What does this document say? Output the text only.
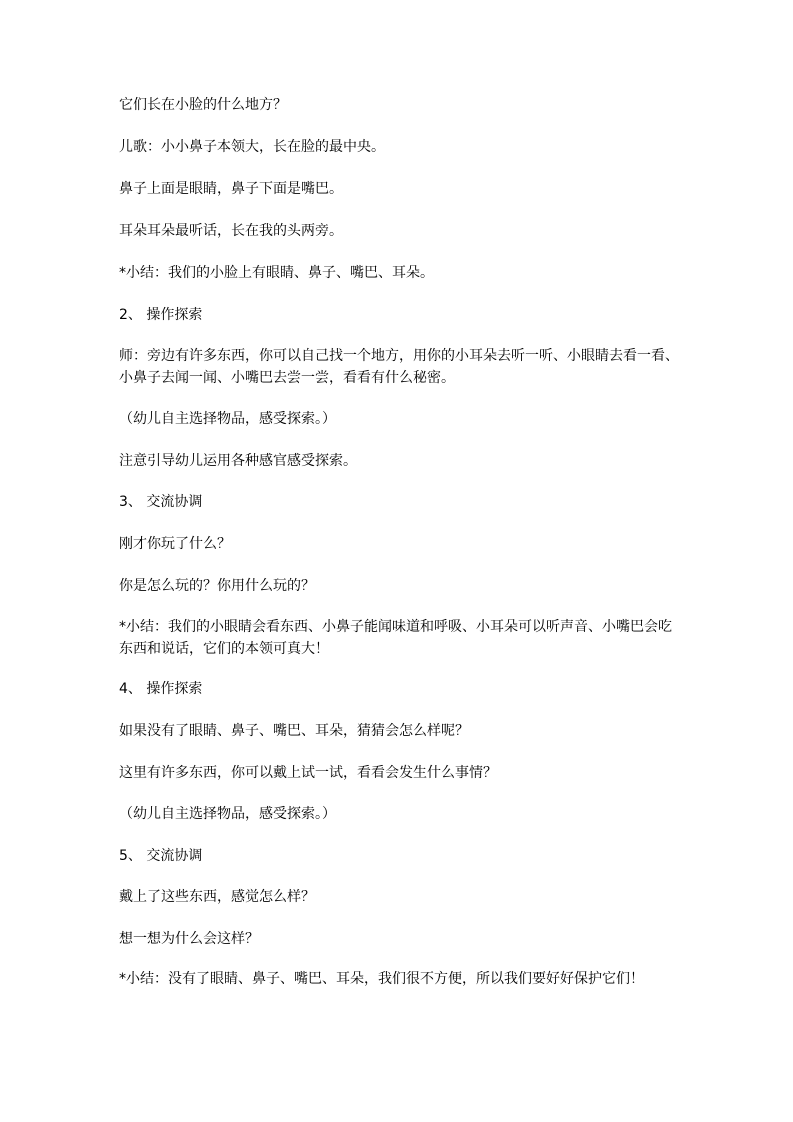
它们长在小脸的什么地方？

儿歌：小小鼻子本领大，长在脸的最中央。

鼻子上面是眼睛，鼻子下面是嘴巴。

耳朵耳朵最听话，长在我的头两旁。

*小结：我们的小脸上有眼睛、鼻子、嘴巴、耳朵。

2、 操作探索

师：旁边有许多东西，你可以自己找一个地方，用你的小耳朵去听一听、小眼睛去看一看、小鼻子去闻一闻、小嘴巴去尝一尝，看看有什么秘密。

（幼儿自主选择物品，感受探索。）

注意引导幼儿运用各种感官感受探索。

3、 交流协调

刚才你玩了什么？

你是怎么玩的？你用什么玩的？

*小结：我们的小眼睛会看东西、小鼻子能闻味道和呼吸、小耳朵可以听声音、小嘴巴会吃东西和说话，它们的本领可真大！

4、 操作探索

如果没有了眼睛、鼻子、嘴巴、耳朵，猜猜会怎么样呢？

这里有许多东西，你可以戴上试一试，看看会发生什么事情？

（幼儿自主选择物品，感受探索。）

5、 交流协调

戴上了这些东西，感觉怎么样？

想一想为什么会这样？

*小结：没有了眼睛、鼻子、嘴巴、耳朵，我们很不方便，所以我们要好好保护它们！
